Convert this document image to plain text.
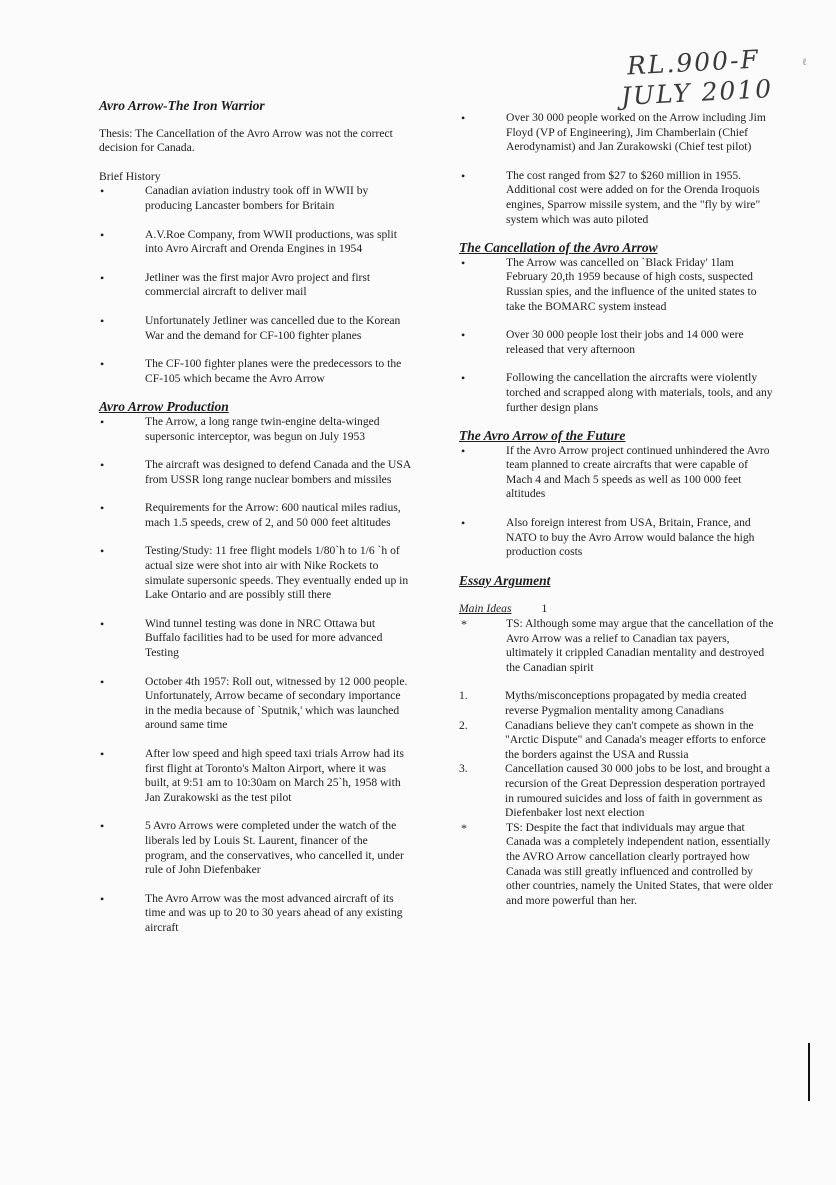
RL.900-F
JULY 2010
ℓ

Avro Arrow-The Iron Warrior

Thesis: The Cancellation of the Avro Arrow was not the correct decision for Canada.

Brief History

•	Canadian aviation industry took off in WWII by producing Lancaster bombers for Britain
•	A.V.Roe Company, from WWII productions, was split into Avro Aircraft and Orenda Engines in 1954
•	Jetliner was the first major Avro project and first commercial aircraft to deliver mail
•	Unfortunately Jetliner was cancelled due to the Korean War and the demand for CF-100 fighter planes
•	The CF-100 fighter planes were the predecessors to the CF-105 which became the Avro Arrow

Avro Arrow Production

•	The Arrow, a long range twin-engine delta-winged supersonic interceptor, was begun on July 1953
•	The aircraft was designed to defend Canada and the USA from USSR long range nuclear bombers and missiles
•	Requirements for the Arrow: 600 nautical miles radius, mach 1.5 speeds, crew of 2, and 50 000 feet altitudes
•	Testing/Study: 11 free flight models 1/80`h to 1/6 `h of actual size were shot into air with Nike Rockets to simulate supersonic speeds. They eventually ended up in Lake Ontario and are possibly still there
•	Wind tunnel testing was done in NRC Ottawa but Buffalo facilities had to be used for more advanced Testing
•	October 4th 1957: Roll out, witnessed by 12 000 people. Unfortunately, Arrow became of secondary importance in the media because of `Sputnik,' which was launched around same time
•	After low speed and high speed taxi trials Arrow had its first flight at Toronto's Malton Airport, where it was built, at 9:51 am to 10:30am on March 25`h, 1958 with Jan Zurakowski as the test pilot
•	5 Avro Arrows were completed under the watch of the liberals led by Louis St. Laurent, financer of the program, and the conservatives, who cancelled it, under rule of John Diefenbaker
•	The Avro Arrow was the most advanced aircraft of its time and was up to 20 to 30 years ahead of any existing aircraft
•	Over 30 000 people worked on the Arrow including Jim Floyd (VP of Engineering), Jim Chamberlain (Chief Aerodynamist) and Jan Zurakowski (Chief test pilot)
•	The cost ranged from $27 to $260 million in 1955. Additional cost were added on for the Orenda Iroquois engines, Sparrow missile system, and the "fly by wire" system which was auto piloted

The Cancellation of the Avro Arrow

•	The Arrow was cancelled on `Black Friday' 1lam February 20,th 1959 because of high costs, suspected Russian spies, and the influence of the united states to take the BOMARC system instead
•	Over 30 000 people lost their jobs and 14 000 were released that very afternoon
•	Following the cancellation the aircrafts were violently torched and scrapped along with materials, tools, and any further design plans

The Avro Arrow of the Future

•	If the Avro Arrow project continued unhindered the Avro team planned to create aircrafts that were capable of Mach 4 and Mach 5 speeds as well as 100 000 feet altitudes
•	Also foreign interest from USA, Britain, France, and NATO to buy the Avro Arrow would balance the high production costs

Essay Argument

Main Ideas	1
*	TS: Although some may argue that the cancellation of the Avro Arrow was a relief to Canadian tax payers, ultimately it crippled Canadian mentality and destroyed the Canadian spirit
1.	Myths/misconceptions propagated by media created reverse Pygmalion mentality among Canadians
2.	Canadians believe they can't compete as shown in the "Arctic Dispute" and Canada's meager efforts to enforce the borders against the USA and Russia
3.	Cancellation caused 30 000 jobs to be lost, and brought a recursion of the Great Depression desperation portrayed in rumoured suicides and loss of faith in government as Diefenbaker lost next election
*	TS: Despite the fact that individuals may argue that Canada was a completely independent nation, essentially the AVRO Arrow cancellation clearly portrayed how Canada was still greatly influenced and controlled by other countries, namely the United States, that were older and more powerful than her.
